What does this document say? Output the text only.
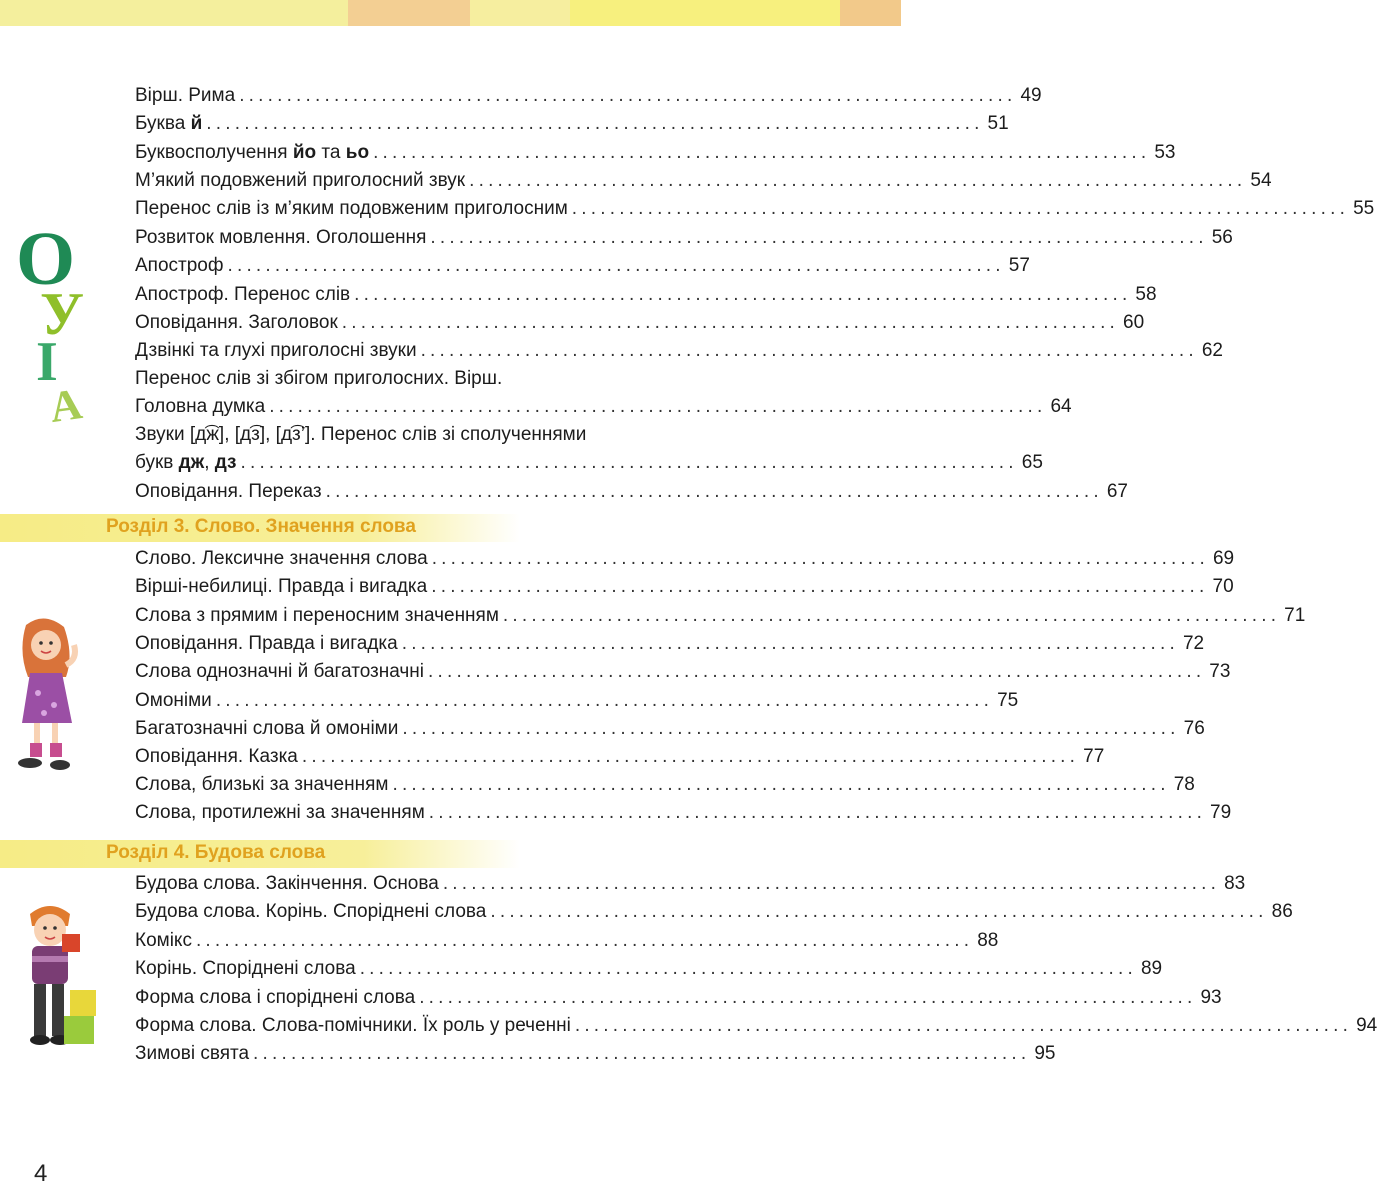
О
У
І
А
Вірш. Рима .................................................................................. 49
Буква й .................................................................................. 51
Буквосполучення йо та ьо .................................................................................. 53
М’який подовжений приголосний звук .................................................................................. 54
Перенос слів із м’яким подовженим приголосним .................................................................................. 55
Розвиток мовлення. Оголошення .................................................................................. 56
Апостроф .................................................................................. 57
Апостроф. Перенос слів .................................................................................. 58
Оповідання. Заголовок .................................................................................. 60
Дзвінкі та глухі приголосні звуки .................................................................................. 62
Перенос слів зі збігом приголосних. Вірш.
Головна думка .................................................................................. 64
Звуки [д͡ж], [д͡з], [д͡з’]. Перенос слів зі сполученнями
букв дж, дз .................................................................................. 65
Оповідання. Переказ .................................................................................. 67
Розділ 3. Слово. Значення слова
Слово. Лексичне значення слова .................................................................................. 69
Вірші-небилиці. Правда і вигадка .................................................................................. 70
Слова з прямим і переносним значенням .................................................................................. 71
Оповідання. Правда і вигадка .................................................................................. 72
Слова однозначні й багатозначні .................................................................................. 73
Омоніми .................................................................................. 75
Багатозначні слова й омоніми .................................................................................. 76
Оповідання. Казка .................................................................................. 77
Слова, близькі за значенням .................................................................................. 78
Слова, протилежні за значенням .................................................................................. 79
Розділ 4. Будова слова
Будова слова. Закінчення. Основа .................................................................................. 83
Будова слова. Корінь. Споріднені слова .................................................................................. 86
Комікс .................................................................................. 88
Корінь. Споріднені слова .................................................................................. 89
Форма слова і споріднені слова .................................................................................. 93
Форма слова. Слова-помічники. Їх роль у реченні .................................................................................. 94
Зимові свята .................................................................................. 95
4
